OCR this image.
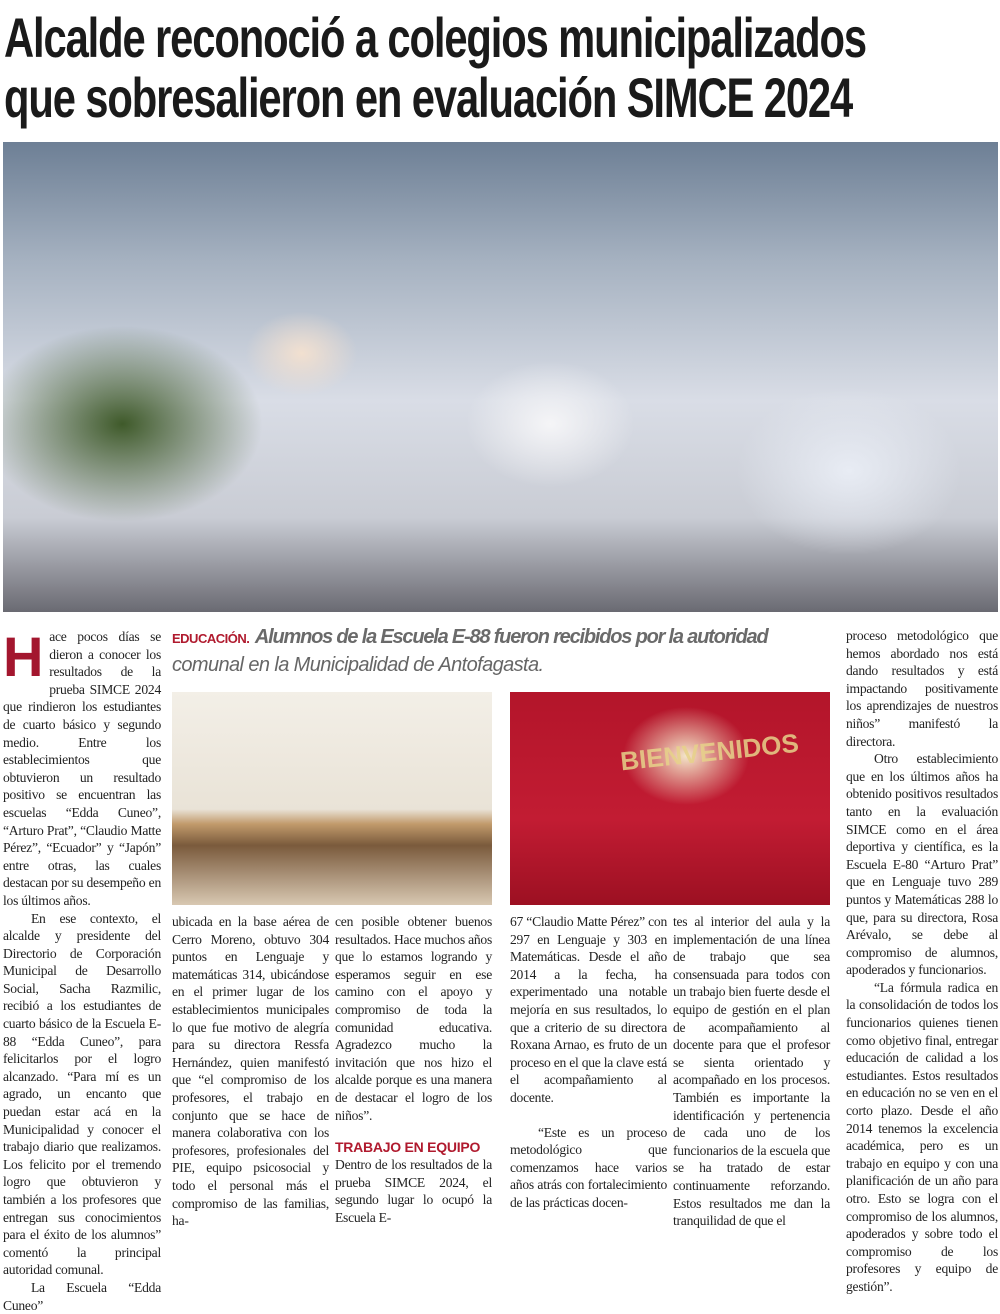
Alcalde reconoció a colegios municipalizados
que sobresalieron en evaluación SIMCE 2024
H ace pocos días se dieron a conocer los resultados de la prueba SIMCE 2024 que rindieron los estudiantes de cuarto básico y segundo medio. Entre los establecimientos que obtuvieron un resultado positivo se encuentran las escuelas “Edda Cuneo”, “Arturo Prat”, “Claudio Matte Pérez”, “Ecuador” y “Japón” entre otras, las cuales destacan por su desempeño en los últimos años.

En ese contexto, el alcalde y presidente del Directorio de Corporación Municipal de Desarrollo Social, Sacha Razmilic, recibió a los estudiantes de cuarto básico de la Escuela E-88 “Edda Cuneo”, para felicitarlos por el logro alcanzado. “Para mí es un agrado, un encanto que puedan estar acá en la Municipalidad y conocer el trabajo diario que realizamos. Los felicito por el tremendo logro que obtuvieron y también a los profesores que entregan sus conocimientos para el éxito de los alumnos” comentó la principal autoridad comunal.

La Escuela “Edda Cuneo”

EDUCACIÓN. Alumnos de la Escuela E-88 fueron recibidos por la autoridad
comunal en la Municipalidad de Antofagasta.
BIENVENIDOS

ubicada en la base aérea de Cerro Moreno, obtuvo 304 puntos en Lenguaje y matemáticas 314, ubicándose en el primer lugar de los establecimientos municipales lo que fue motivo de alegría para su directora Ressfa Hernández, quien manifestó que “el compromiso de los profesores, el trabajo en conjunto que se hace de manera colaborativa con los profesores, profesionales del PIE, equipo psicosocial y todo el personal más el compromiso de las familias, ha-

cen posible obtener buenos resultados. Hace muchos años que lo estamos logrando y esperamos seguir en ese camino con el apoyo y compromiso de toda la comunidad educativa. Agradezco mucho la invitación que nos hizo el alcalde porque es una manera de destacar el logro de los niños”.

TRABAJO EN EQUIPO

Dentro de los resultados de la prueba SIMCE 2024, el segundo lugar lo ocupó la Escuela E-

67 “Claudio Matte Pérez” con 297 en Lenguaje y 303 en Matemáticas. Desde el año 2014 a la fecha, ha experimentado una notable mejoría en sus resultados, lo que a criterio de su directora Roxana Arnao, es fruto de un proceso en el que la clave está el acompañamiento al docente.

“Este es un proceso metodológico que comenzamos hace varios años atrás con fortalecimiento de las prácticas docen-

tes al interior del aula y la implementación de una línea de trabajo que sea consensuada para todos con un trabajo bien fuerte desde el equipo de gestión en el plan de acompañamiento al docente para que el profesor se sienta orientado y acompañado en los procesos. También es importante la identificación y pertenencia de cada uno de los funcionarios de la escuela que se ha tratado de estar continuamente reforzando. Estos resultados me dan la tranquilidad de que el

proceso metodológico que hemos abordado nos está dando resultados y está impactando positivamente los aprendizajes de nuestros niños” manifestó la directora.

Otro establecimiento que en los últimos años ha obtenido positivos resultados tanto en la evaluación SIMCE como en el área deportiva y científica, es la Escuela E-80 “Arturo Prat” que en Lenguaje tuvo 289 puntos y Matemáticas 288 lo que, para su directora, Rosa Arévalo, se debe al compromiso de alumnos, apoderados y funcionarios.

“La fórmula radica en la consolidación de todos los funcionarios quienes tienen como objetivo final, entregar educación de calidad a los estudiantes. Estos resultados en educación no se ven en el corto plazo. Desde el año 2014 tenemos la excelencia académica, pero es un trabajo en equipo y con una planificación de un año para otro. Esto se logra con el compromiso de los alumnos, apoderados y sobre todo el compromiso de los profesores y equipo de gestión”.
